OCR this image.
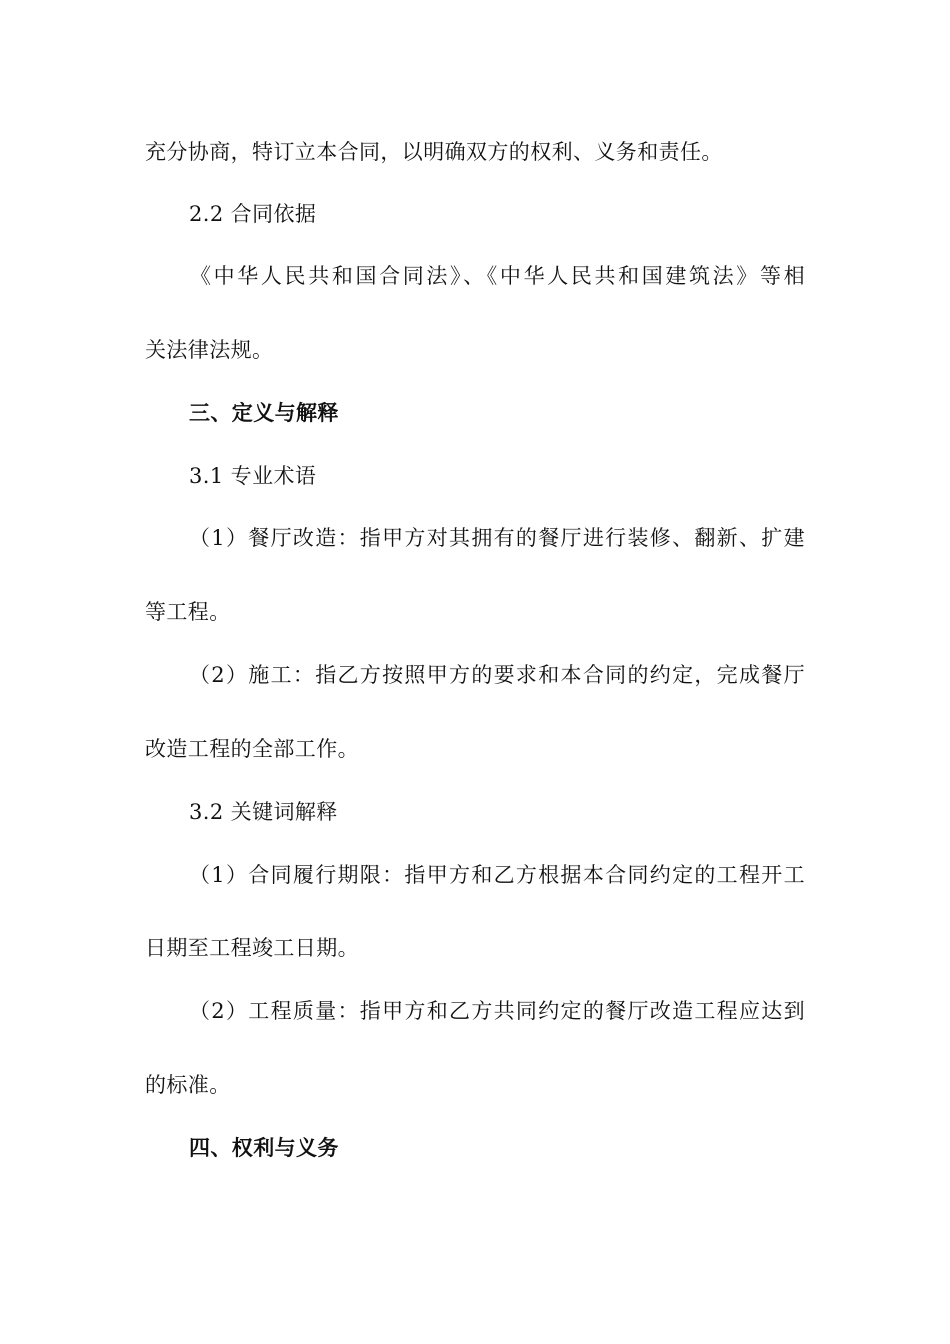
充分协商，特订立本合同，以明确双方的权利、义务和责任。
2.2 合同依据
《中华人民共和国合同法》、《中华人民共和国建筑法》等相
关法律法规。
三、定义与解释
3.1 专业术语
（1）餐厅改造：指甲方对其拥有的餐厅进行装修、翻新、扩建
等工程。
（2）施工：指乙方按照甲方的要求和本合同的约定，完成餐厅
改造工程的全部工作。
3.2 关键词解释
（1）合同履行期限：指甲方和乙方根据本合同约定的工程开工
日期至工程竣工日期。
（2）工程质量：指甲方和乙方共同约定的餐厅改造工程应达到
的标准。
四、权利与义务
